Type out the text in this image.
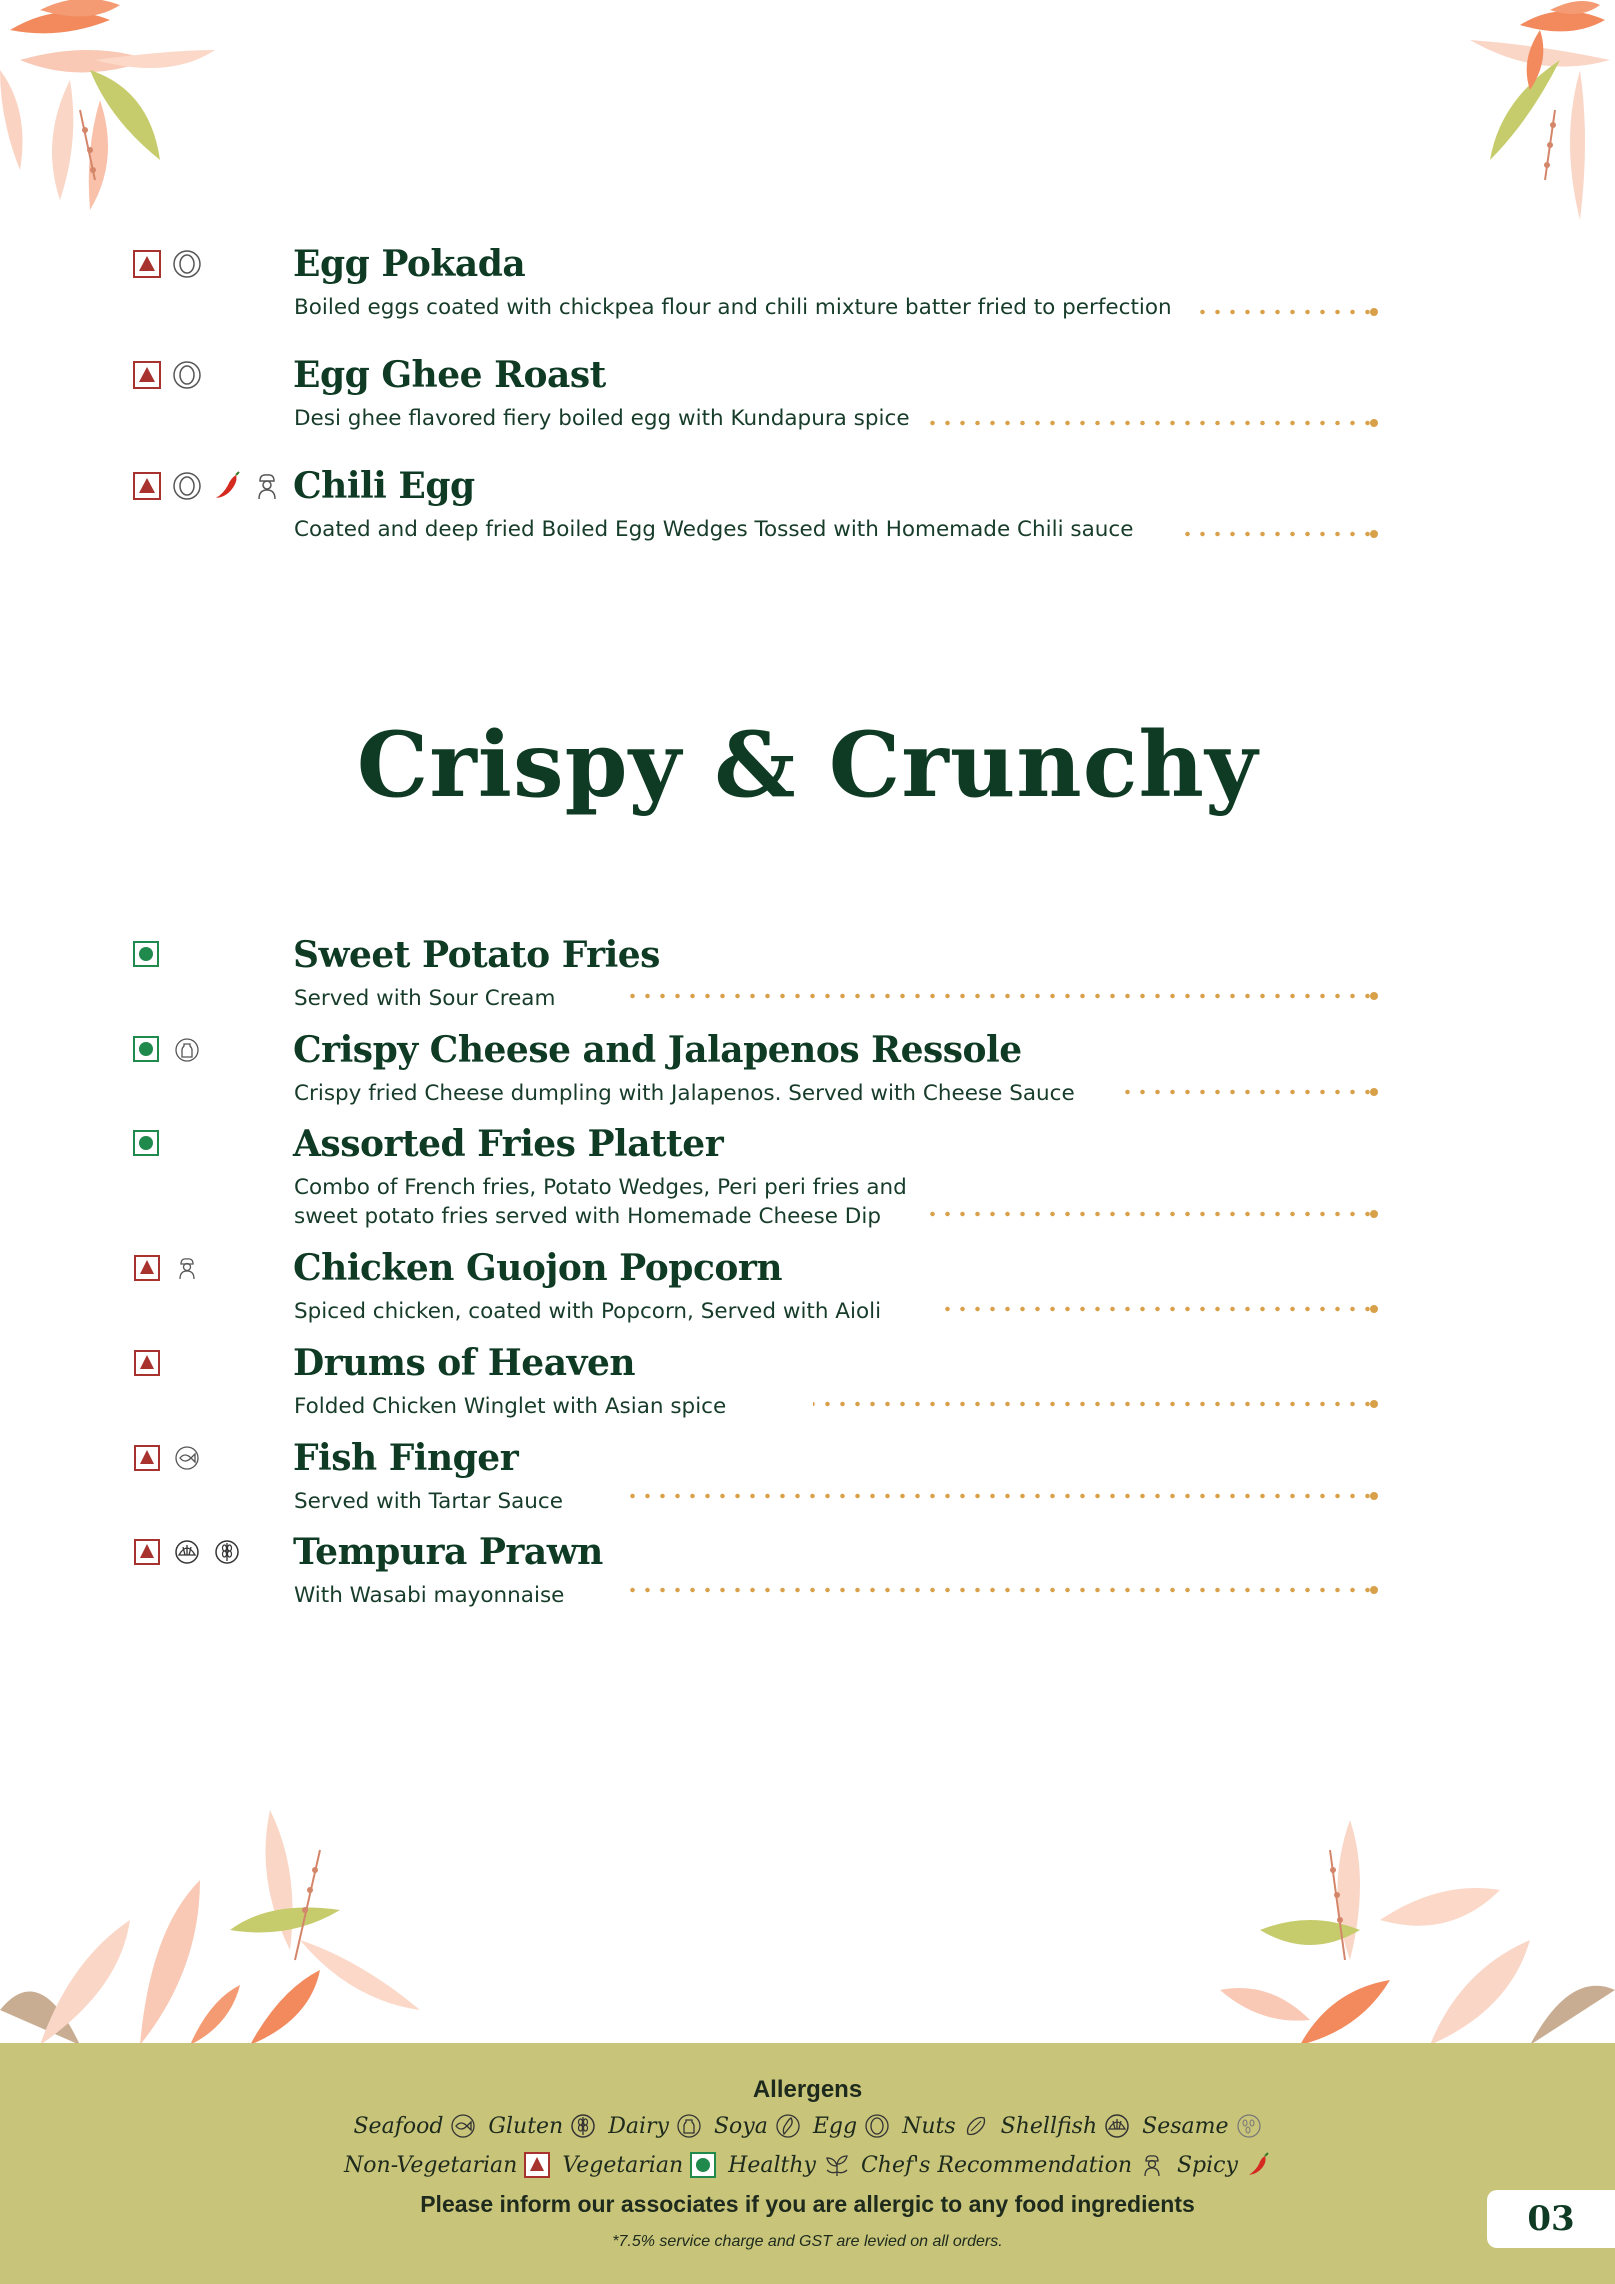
Egg Pokada
Boiled eggs coated with chickpea flour and chili mixture batter fried to perfection
Egg Ghee Roast
Desi ghee flavored fiery boiled egg with Kundapura spice
Chili Egg
Coated and deep fried Boiled Egg Wedges Tossed with Homemade Chili sauce
Crispy & Crunchy
Sweet Potato Fries
Served with Sour Cream
Crispy Cheese and Jalapenos Ressole
Crispy fried Cheese dumpling with Jalapenos. Served with Cheese Sauce
Assorted Fries Platter
Combo of French fries, Potato Wedges, Peri peri fries and
sweet potato fries served with Homemade Cheese Dip
Chicken Guojon Popcorn
Spiced chicken, coated with Popcorn, Served with Aioli
Drums of Heaven
Folded Chicken Winglet with Asian spice
Fish Finger
Served with Tartar Sauce
Tempura Prawn
With Wasabi mayonnaise
Allergens
Seafood Gluten Dairy Soya Egg Nuts Shellfish Sesame
Non-Vegetarian Vegetarian Healthy Chef's Recommendation Spicy
Please inform our associates if you are allergic to any food ingredients
*7.5% service charge and GST are levied on all orders.
03
